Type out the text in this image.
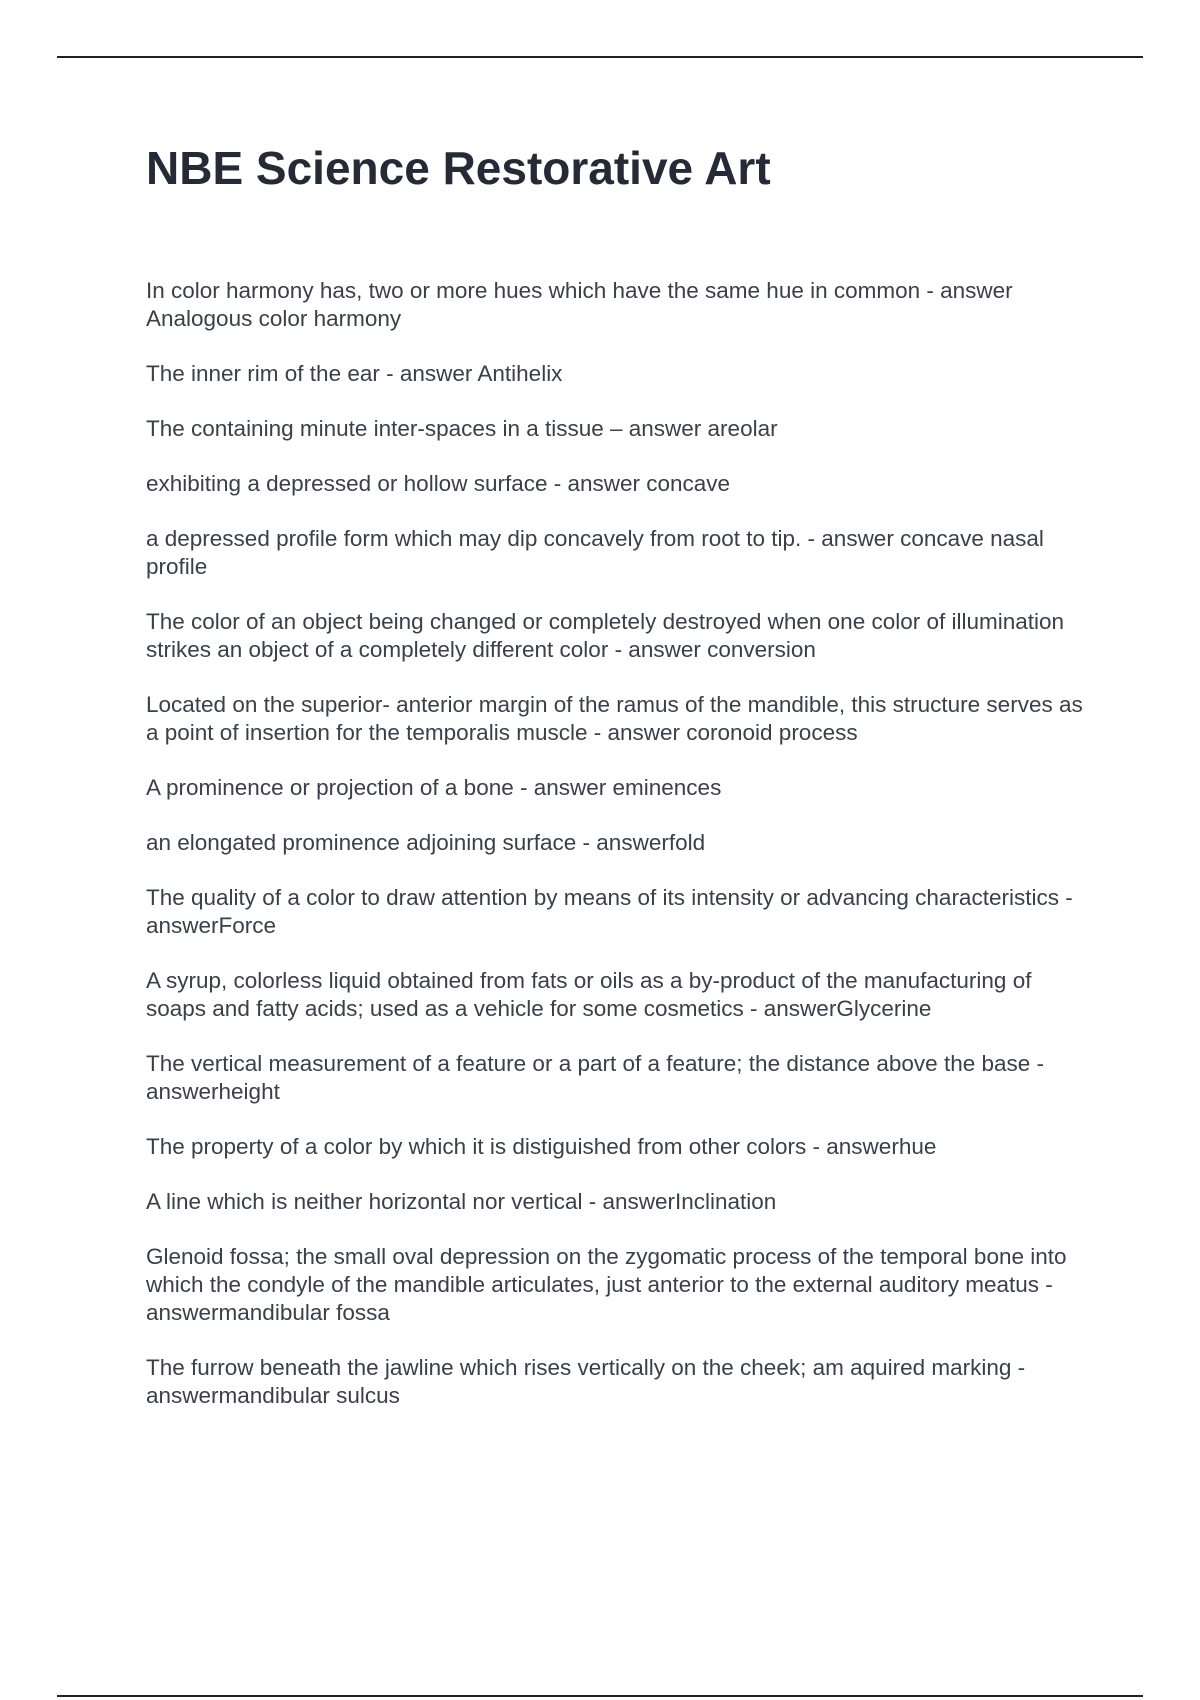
NBE Science Restorative Art

In color harmony has, two or more hues which have the same hue in common - answer Analogous color harmony

The inner rim of the ear - answer Antihelix

The containing minute inter-spaces in a tissue – answer areolar

exhibiting a depressed or hollow surface - answer concave

a depressed profile form which may dip concavely from root to tip. - answer concave nasal profile

The color of an object being changed or completely destroyed when one color of illumination strikes an object of a completely different color - answer conversion

Located on the superior- anterior margin of the ramus of the mandible, this structure serves as a point of insertion for the temporalis muscle - answer coronoid process

A prominence or projection of a bone - answer eminences

an elongated prominence adjoining surface - answerfold

The quality of a color to draw attention by means of its intensity or advancing characteristics - answerForce

A syrup, colorless liquid obtained from fats or oils as a by-product of the manufacturing of soaps and fatty acids; used as a vehicle for some cosmetics - answerGlycerine

The vertical measurement of a feature or a part of a feature; the distance above the base - answerheight

The property of a color by which it is distiguished from other colors - answerhue

A line which is neither horizontal nor vertical - answerInclination

Glenoid fossa; the small oval depression on the zygomatic process of the temporal bone into which the condyle of the mandible articulates, just anterior to the external auditory meatus - answermandibular fossa

The furrow beneath the jawline which rises vertically on the cheek; am aquired marking - answermandibular sulcus
